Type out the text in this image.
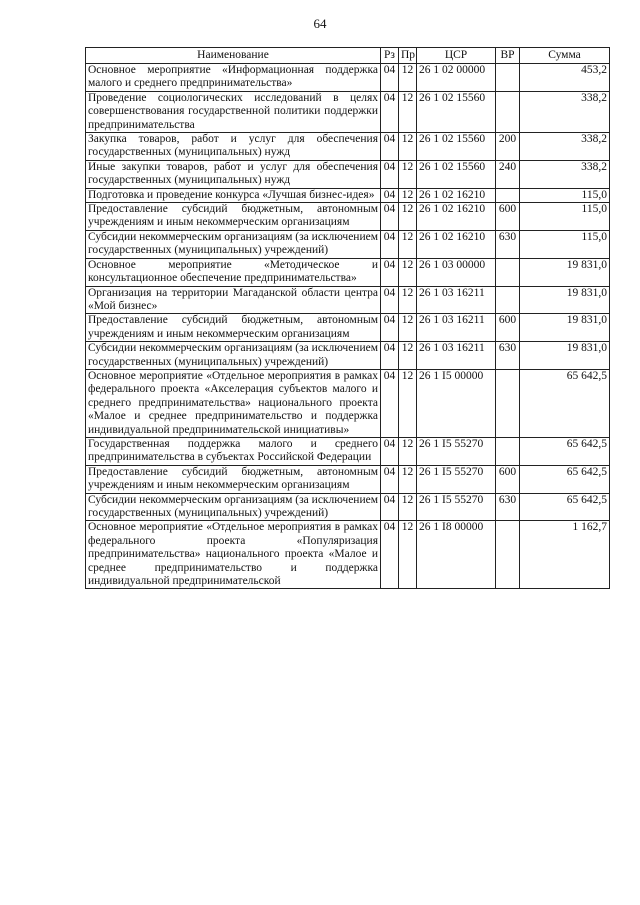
64
Наименование	Рз	Пр	ЦСР	ВР	Сумма
Основное мероприятие «Информационная поддержка малого и среднего предпринимательства»	04	12	26 1 02 00000		453,2
Проведение социологических исследований в целях совершенствования государственной политики поддержки предпринимательства	04	12	26 1 02 15560		338,2
Закупка товаров, работ и услуг для обеспечения государственных (муниципальных) нужд	04	12	26 1 02 15560	200	338,2
Иные закупки товаров, работ и услуг для обеспечения государственных (муниципальных) нужд	04	12	26 1 02 15560	240	338,2
Подготовка и проведение конкурса «Лучшая бизнес-идея»	04	12	26 1 02 16210		115,0
Предоставление субсидий бюджетным, автономным учреждениям и иным некоммерческим организациям	04	12	26 1 02 16210	600	115,0
Субсидии некоммерческим организациям (за исключением государственных (муниципальных) учреждений)	04	12	26 1 02 16210	630	115,0
Основное мероприятие «Методическое и консультационное обеспечение предпринимательства»	04	12	26 1 03 00000		19 831,0
Организация на территории Магаданской области центра «Мой бизнес»	04	12	26 1 03 16211		19 831,0
Предоставление субсидий бюджетным, автономным учреждениям и иным некоммерческим организациям	04	12	26 1 03 16211	600	19 831,0
Субсидии некоммерческим организациям (за исключением государственных (муниципальных) учреждений)	04	12	26 1 03 16211	630	19 831,0
Основное мероприятие «Отдельное мероприятия в рамках федерального проекта «Акселерация субъектов малого и среднего предпринимательства» национального проекта «Малое и среднее предпринимательство и поддержка индивидуальной предпринимательской инициативы»	04	12	26 1 I5 00000		65 642,5
Государственная поддержка малого и среднего предпринимательства в субъектах Российской Федерации	04	12	26 1 I5 55270		65 642,5
Предоставление субсидий бюджетным, автономным учреждениям и иным некоммерческим организациям	04	12	26 1 I5 55270	600	65 642,5
Субсидии некоммерческим организациям (за исключением государственных (муниципальных) учреждений)	04	12	26 1 I5 55270	630	65 642,5
Основное мероприятие «Отдельное мероприятия в рамках федерального проекта «Популяризация предпринимательства» национального проекта «Малое и среднее предпринимательство и поддержка индивидуальной предпринимательской	04	12	26 1 I8 00000		1 162,7
